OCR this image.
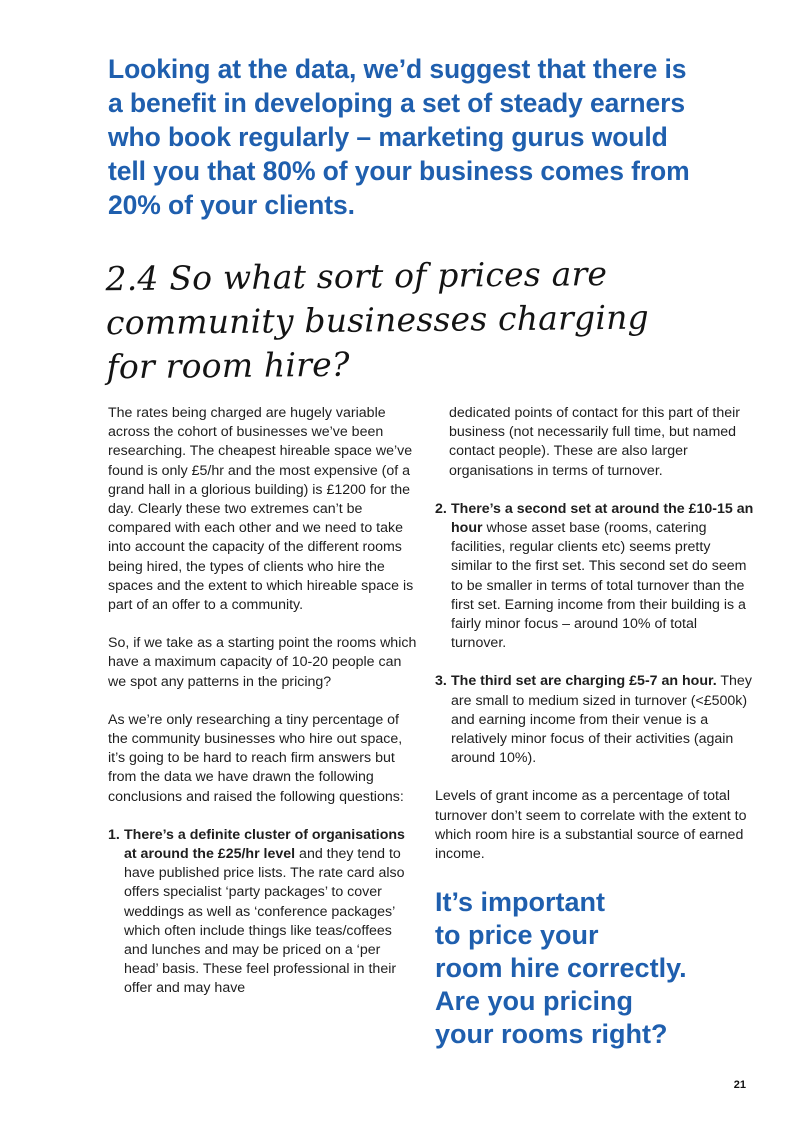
Looking at the data, we’d suggest that there is
a benefit in developing a set of steady earners
who book regularly – marketing gurus would
tell you that 80% of your business comes from
20% of your clients.
2.4 So what sort of prices are
community businesses charging
for room hire?

The rates being charged are hugely variable across the cohort of businesses we’ve been researching. The cheapest hireable space we’ve found is only £5/hr and the most expensive (of a grand hall in a glorious building) is £1200 for the day. Clearly these two extremes can’t be compared with each other and we need to take into account the capacity of the different rooms being hired, the types of clients who hire the spaces and the extent to which hireable space is part of an offer to a community.

So, if we take as a starting point the rooms which have a maximum capacity of 10-20 people can we spot any patterns in the pricing?

As we’re only researching a tiny percentage of the community businesses who hire out space, it’s going to be hard to reach firm answers but from the data we have drawn the following conclusions and raised the following questions:

1. There’s a definite cluster of organisations at around the £25/hr level and they tend to have published price lists. The rate card also offers specialist ‘party packages’ to cover weddings as well as ‘conference packages’ which often include things like teas/coffees and lunches and may be priced on a ‘per head’ basis. These feel professional in their offer and may have

dedicated points of contact for this part of their business (not necessarily full time, but named contact people). These are also larger organisations in terms of turnover.

2. There’s a second set at around the £10-15 an hour whose asset base (rooms, catering facilities, regular clients etc) seems pretty similar to the first set. This second set do seem to be smaller in terms of total turnover than the first set. Earning income from their building is a fairly minor focus – around 10% of total turnover.
3. The third set are charging £5-7 an hour. They are small to medium sized in turnover (<£500k) and earning income from their venue is a relatively minor focus of their activities (again around 10%).

Levels of grant income as a percentage of total turnover don’t seem to correlate with the extent to which room hire is a substantial source of earned income.

It’s important
to price your
room hire correctly.
Are you pricing
your rooms right?
21
